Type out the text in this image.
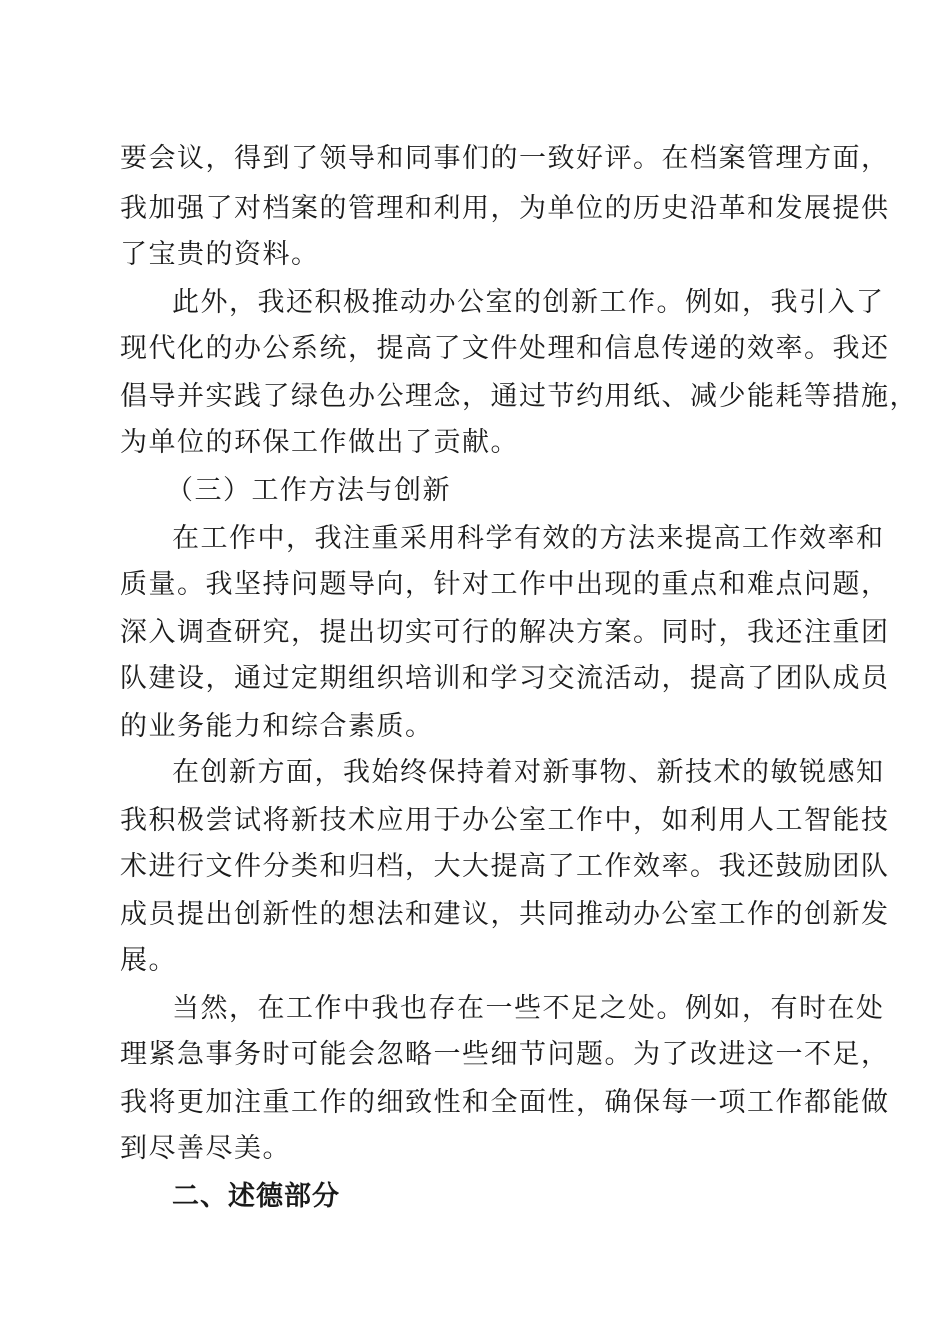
要会议，得到了领导和同事们的一致好评。在档案管理方面，
我加强了对档案的管理和利用，为单位的历史沿革和发展提供
了宝贵的资料。
此外，我还积极推动办公室的创新工作。例如，我引入了
现代化的办公系统，提高了文件处理和信息传递的效率。我还
倡导并实践了绿色办公理念，通过节约用纸、减少能耗等措施，
为单位的环保工作做出了贡献。
（三）工作方法与创新
在工作中，我注重采用科学有效的方法来提高工作效率和
质量。我坚持问题导向，针对工作中出现的重点和难点问题，
深入调查研究，提出切实可行的解决方案。同时，我还注重团
队建设，通过定期组织培训和学习交流活动，提高了团队成员
的业务能力和综合素质。
在创新方面，我始终保持着对新事物、新技术的敏锐感知
我积极尝试将新技术应用于办公室工作中，如利用人工智能技
术进行文件分类和归档，大大提高了工作效率。我还鼓励团队
成员提出创新性的想法和建议，共同推动办公室工作的创新发
展。
当然，在工作中我也存在一些不足之处。例如，有时在处
理紧急事务时可能会忽略一些细节问题。为了改进这一不足，
我将更加注重工作的细致性和全面性，确保每一项工作都能做
到尽善尽美。
二、述德部分
